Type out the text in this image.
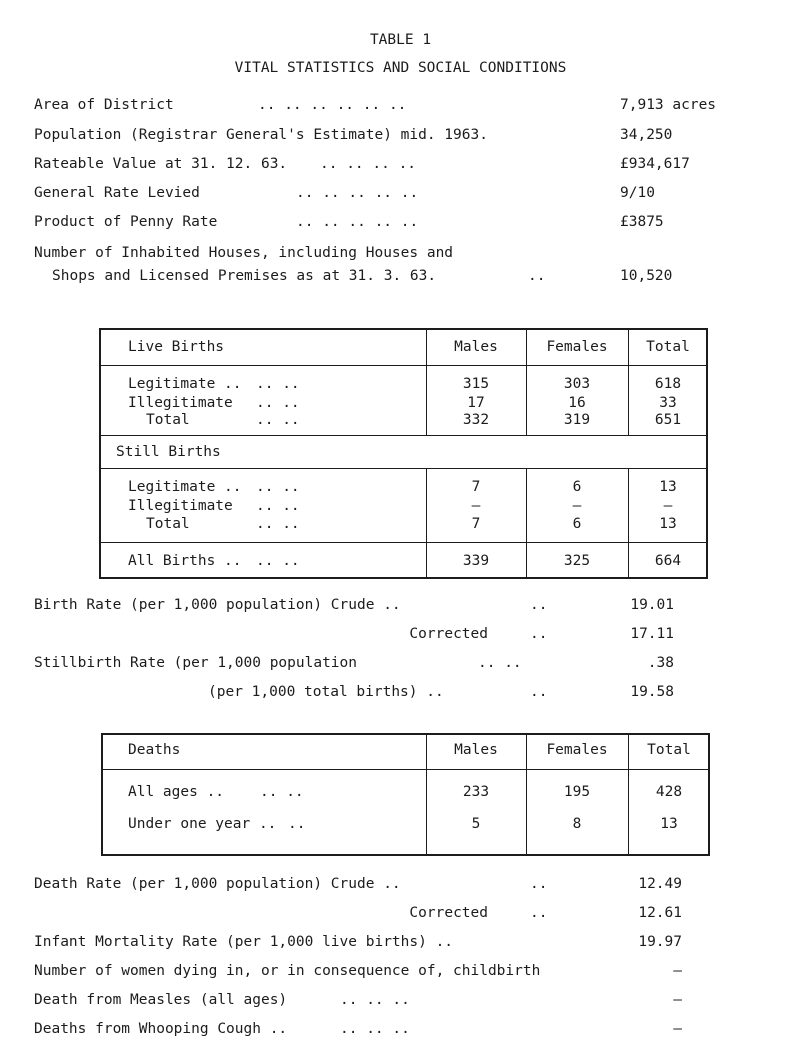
TABLE 1
VITAL STATISTICS AND SOCIAL CONDITIONS
Area of District	.. .. .. .. .. ..	7,913 acres
Population (Registrar General's Estimate) mid. 1963.	34,250
Rateable Value at 31. 12. 63. .. .. .. ..	£934,617
General Rate Levied	.. .. .. .. ..	9/10
Product of Penny Rate	.. .. .. .. ..	£3875
Number of Inhabited Houses, including Houses and
Shops and Licensed Premises as at 31. 3. 63.	..	10,520
Live Births	Males	Females	Total
Legitimate .. .. ..	315	303	618
Illegitimate .. ..	17	16	33
Total	.. ..	332	319	651
Still Births
Legitimate .. .. ..	7	6	13
Illegitimate .. ..	–	–	–
Total	.. ..	7	6	13
All Births .. .. ..	339	325	664
Birth Rate (per 1,000 population) Crude ..	..	19.01
Corrected	..	17.11
Stillbirth Rate (per 1,000 population	.. ..	.38
(per 1,000 total births) ..	..	19.58
Deaths	Males	Females	Total
All ages .. .. ..	233	195	428
Under one year .. ..	5	8	13
Death Rate (per 1,000 population) Crude ..	..	12.49
Corrected	..	12.61
Infant Mortality Rate (per 1,000 live births) ..	19.97
Number of women dying in, or in consequence of, childbirth	–
Death from Measles (all ages)	.. .. ..	–
Deaths from Whooping Cough ..	.. .. ..	–
